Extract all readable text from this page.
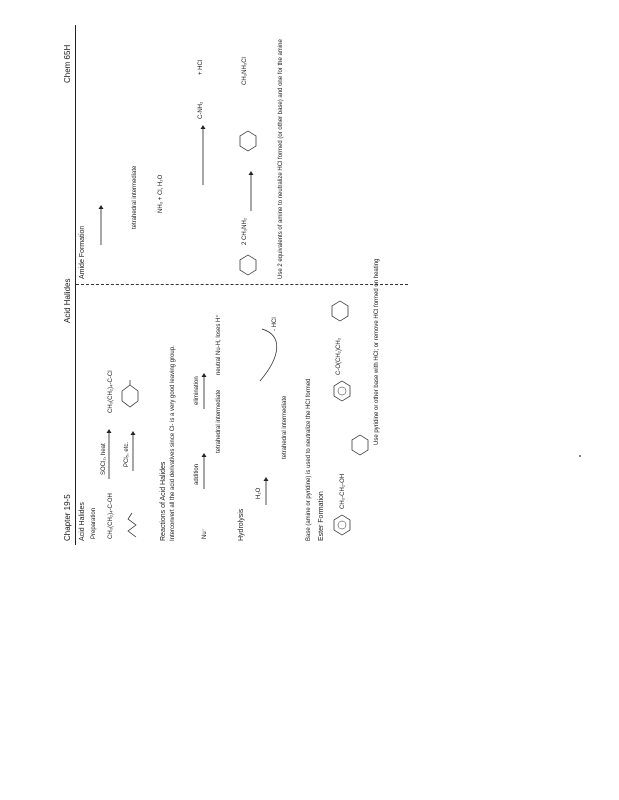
Chapter 19-5
Acid Halides
Chem 65H
Acid Halides Preparation CH₃(CH₂)₄-C-OH
SOCl₂, heat
CH₃(CH₂)₄-C-Cl
PCl₅, etc.
Reactions of Acid Halides Interconvert all the acid derivatives since Cl- is a very good leaving group.	Nu⁻
addition
elimination	tetrahedral intermediate
neutral Nu-H, loses H⁺
Hydrolysis
H₂O
tetrahedral intermediate
- HCl
Base (amine or pyridine) is used to neutralize the HCl formed Ester Formation	CH₃-CH₂-OH
C-O(CH₂)CH₃	Use pyridine or other base with HCl; or remove HCl formed on heating
Amide Formation
tetrahedral intermediate	NH₃ + Cl, H₂O
C-NH₂
+ HCl
2 CH₃NH₂
CH₃NH₃Cl	Use 2 equivalents of amine to neutralize HCl formed (or other base) and one for the amine
